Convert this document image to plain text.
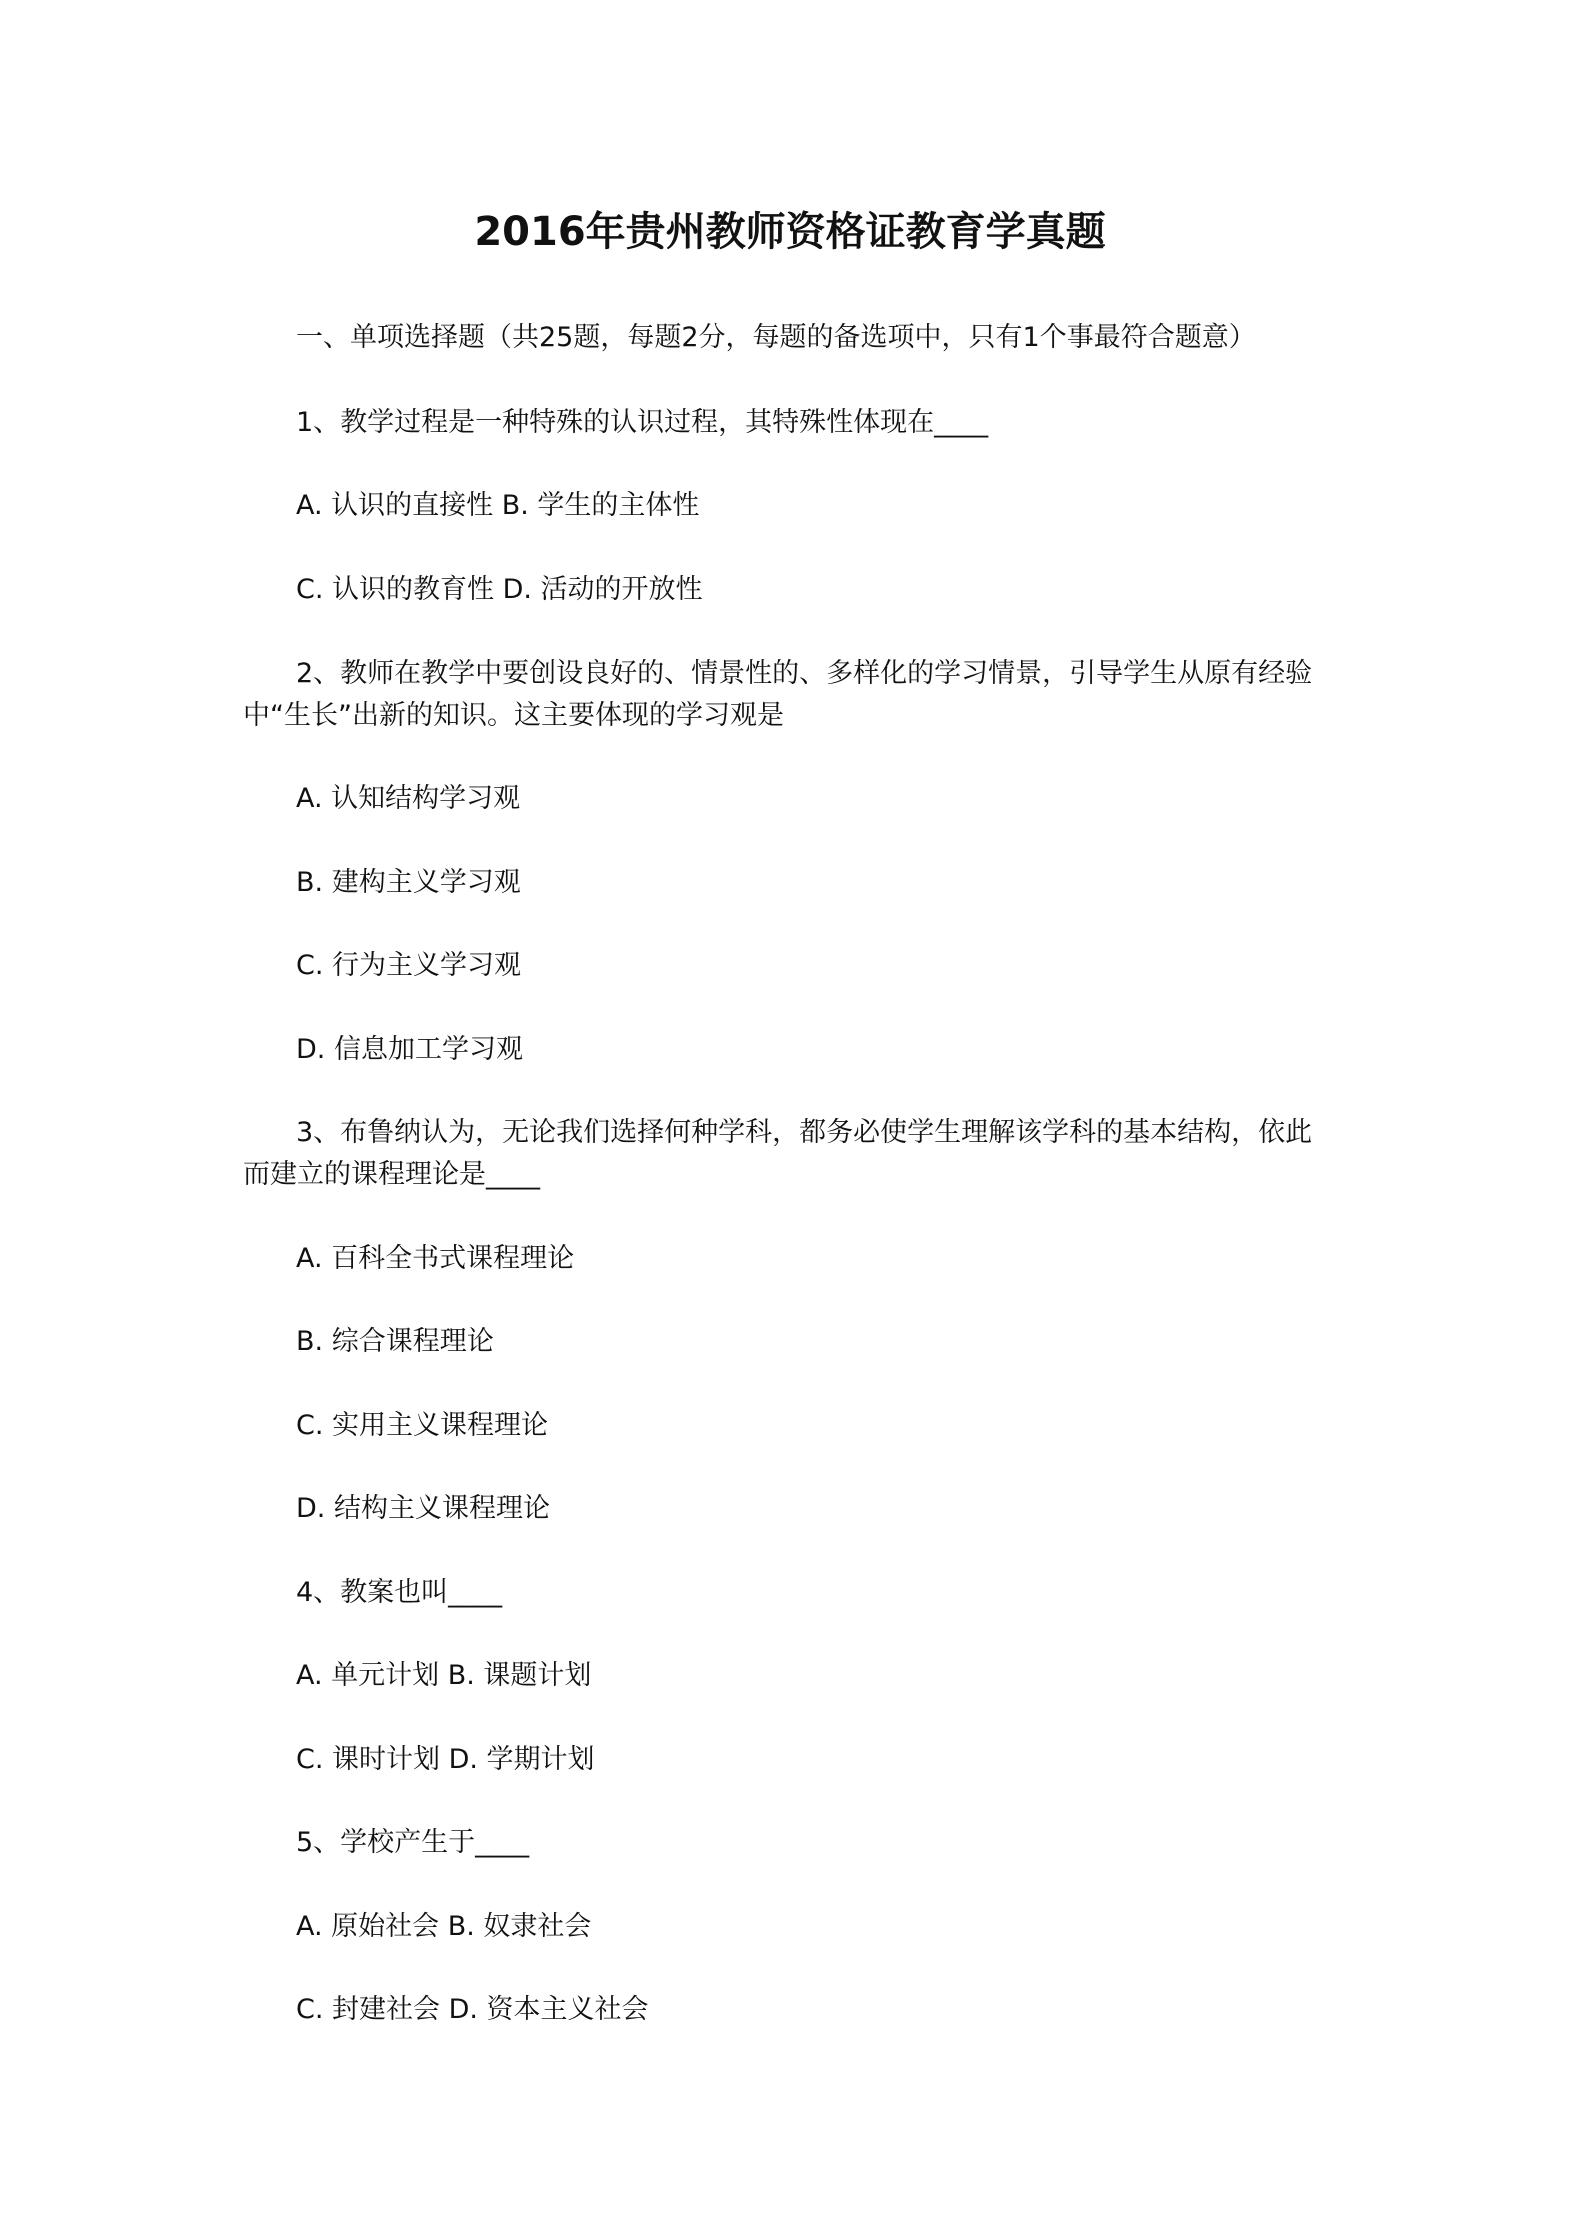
2016年贵州教师资格证教育学真题
一、单项选择题（共25题，每题2分，每题的备选项中，只有1个事最符合题意）
1、教学过程是一种特殊的认识过程，其特殊性体现在____
A. 认识的直接性 B. 学生的主体性
C. 认识的教育性 D. 活动的开放性
2、教师在教学中要创设良好的、情景性的、多样化的学习情景，引导学生从原有经验
中“生长”出新的知识。这主要体现的学习观是
A. 认知结构学习观
B. 建构主义学习观
C. 行为主义学习观
D. 信息加工学习观
3、布鲁纳认为，无论我们选择何种学科，都务必使学生理解该学科的基本结构，依此
而建立的课程理论是____
A. 百科全书式课程理论
B. 综合课程理论
C. 实用主义课程理论
D. 结构主义课程理论
4、教案也叫____
A. 单元计划 B. 课题计划
C. 课时计划 D. 学期计划
5、学校产生于____
A. 原始社会 B. 奴隶社会
C. 封建社会 D. 资本主义社会
